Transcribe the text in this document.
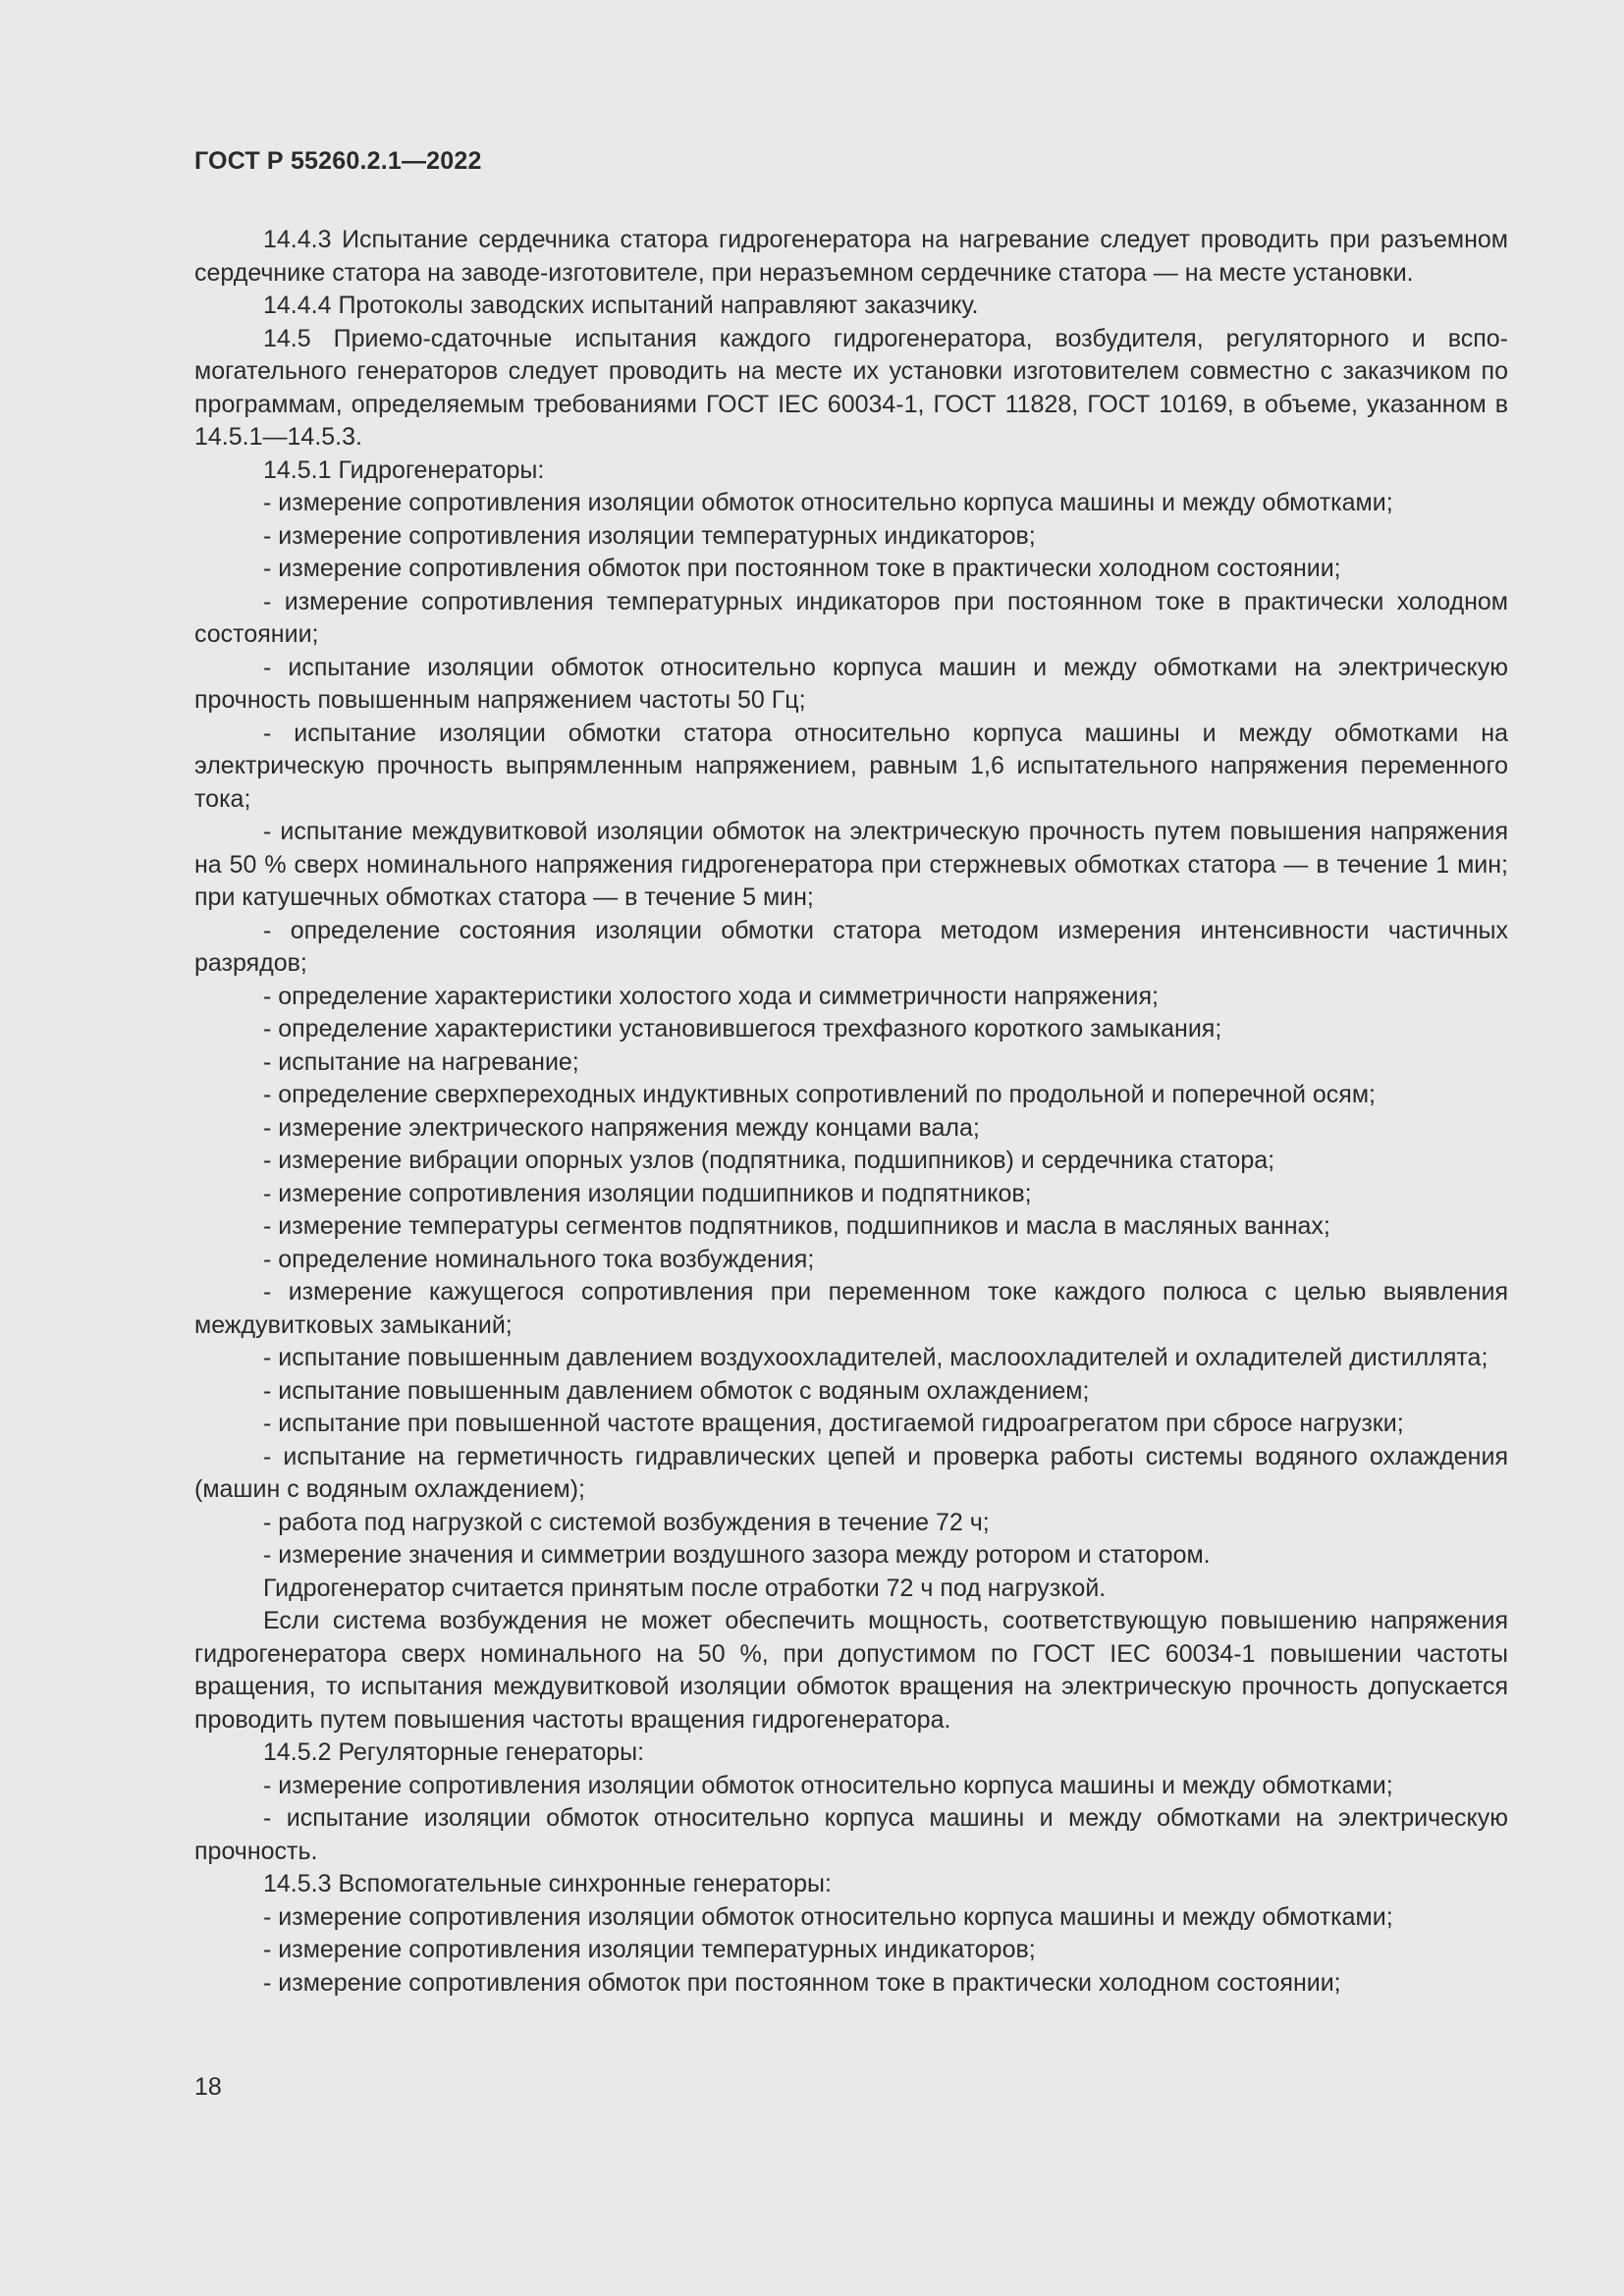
ГОСТ Р 55260.2.1—2022

14.4.3 Испытание сердечника статора гидрогенератора на нагревание следует проводить при разъемном сердечнике статора на заводе-изготовителе, при неразъемном сердечнике статора — на месте установки.

14.4.4 Протоколы заводских испытаний направляют заказчику.

14.5 Приемо-сдаточные испытания каждого гидрогенератора, возбудителя, регуляторного и вспомогательного генераторов следует проводить на месте их установки изготовителем совместно с заказчиком по программам, определяемым требованиями ГОСТ IEC 60034-1, ГОСТ 11828, ГОСТ 10169, в объеме, указанном в 14.5.1—14.5.3.

14.5.1 Гидрогенераторы:

- измерение сопротивления изоляции обмоток относительно корпуса машины и между обмотками;

- измерение сопротивления изоляции температурных индикаторов;

- измерение сопротивления обмоток при постоянном токе в практически холодном состоянии;

- измерение сопротивления температурных индикаторов при постоянном токе в практически холодном состоянии;

- испытание изоляции обмоток относительно корпуса машин и между обмотками на электрическую прочность повышенным напряжением частоты 50 Гц;

- испытание изоляции обмотки статора относительно корпуса машины и между обмотками на электрическую прочность выпрямленным напряжением, равным 1,6 испытательного напряжения переменного тока;

- испытание междувитковой изоляции обмоток на электрическую прочность путем повышения напряжения на 50 % сверх номинального напряжения гидрогенератора при стержневых обмотках статора — в течение 1 мин; при катушечных обмотках статора — в течение 5 мин;

- определение состояния изоляции обмотки статора методом измерения интенсивности частичных разрядов;

- определение характеристики холостого хода и симметричности напряжения;

- определение характеристики установившегося трехфазного короткого замыкания;

- испытание на нагревание;

- определение сверхпереходных индуктивных сопротивлений по продольной и поперечной осям;

- измерение электрического напряжения между концами вала;

- измерение вибрации опорных узлов (подпятника, подшипников) и сердечника статора;

- измерение сопротивления изоляции подшипников и подпятников;

- измерение температуры сегментов подпятников, подшипников и масла в масляных ваннах;

- определение номинального тока возбуждения;

- измерение кажущегося сопротивления при переменном токе каждого полюса с целью выявления междувитковых замыканий;

- испытание повышенным давлением воздухоохладителей, маслоохладителей и охладителей дистиллята;

- испытание повышенным давлением обмоток с водяным охлаждением;

- испытание при повышенной частоте вращения, достигаемой гидроагрегатом при сбросе нагрузки;

- испытание на герметичность гидравлических цепей и проверка работы системы водяного охлаждения (машин с водяным охлаждением);

- работа под нагрузкой с системой возбуждения в течение 72 ч;

- измерение значения и симметрии воздушного зазора между ротором и статором.

Гидрогенератор считается принятым после отработки 72 ч под нагрузкой.

Если система возбуждения не может обеспечить мощность, соответствующую повышению напряжения гидрогенератора сверх номинального на 50 %, при допустимом по ГОСТ IEC 60034-1 повышении частоты вращения, то испытания междувитковой изоляции обмоток вращения на электрическую прочность допускается проводить путем повышения частоты вращения гидрогенератора.

14.5.2 Регуляторные генераторы:

- измерение сопротивления изоляции обмоток относительно корпуса машины и между обмотками;

- испытание изоляции обмоток относительно корпуса машины и между обмотками на электрическую прочность.

14.5.3 Вспомогательные синхронные генераторы:

- измерение сопротивления изоляции обмоток относительно корпуса машины и между обмотками;

- измерение сопротивления изоляции температурных индикаторов;

- измерение сопротивления обмоток при постоянном токе в практически холодном состоянии;

18
